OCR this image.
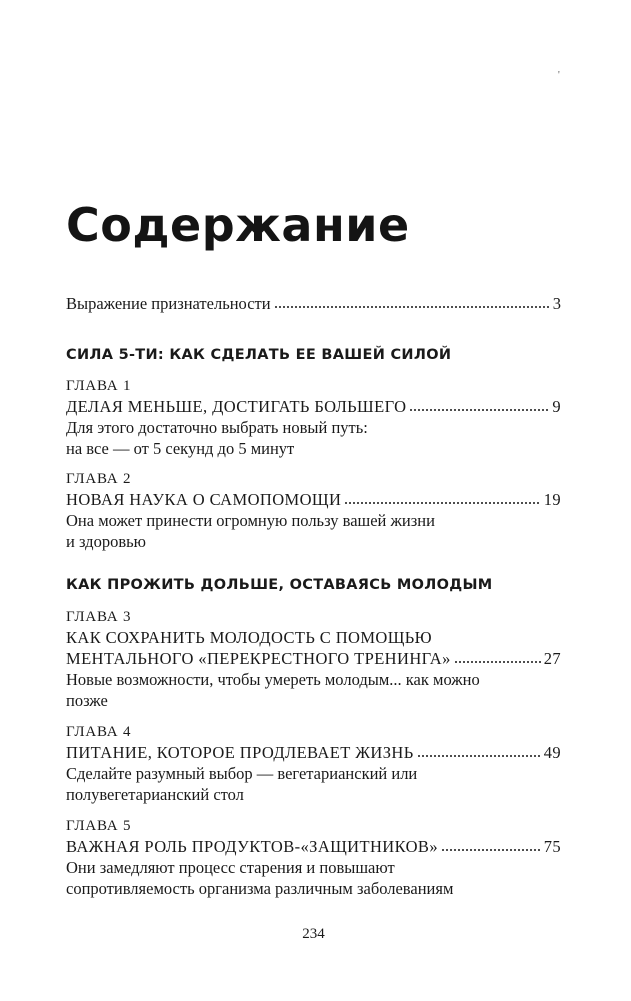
'
Содержание
Выражение признательности	3
СИЛА 5-ТИ: КАК СДЕЛАТЬ ЕЕ ВАШЕЙ СИЛОЙ
ГЛАВА 1
ДЕЛАЯ МЕНЬШЕ, ДОСТИГАТЬ БОЛЬШЕГО	9
Для этого достаточно выбрать новый путь:
на все — от 5 секунд до 5 минут
ГЛАВА 2
НОВАЯ НАУКА О САМОПОМОЩИ	19
Она может принести огромную пользу вашей жизни
и здоровью
КАК ПРОЖИТЬ ДОЛЬШЕ, ОСТАВАЯСЬ МОЛОДЫМ
ГЛАВА 3
КАК СОХРАНИТЬ МОЛОДОСТЬ С ПОМОЩЬЮ
МЕНТАЛЬНОГО «ПЕРЕКРЕСТНОГО ТРЕНИНГА»	27
Новые возможности, чтобы умереть молодым... как можно
позже
ГЛАВА 4
ПИТАНИЕ, КОТОРОЕ ПРОДЛЕВАЕТ ЖИЗНЬ	49
Сделайте разумный выбор — вегетарианский или
полувегетарианский стол
ГЛАВА 5
ВАЖНАЯ РОЛЬ ПРОДУКТОВ-«ЗАЩИТНИКОВ»	75
Они замедляют процесс старения и повышают
сопротивляемость организма различным заболеваниям
234
